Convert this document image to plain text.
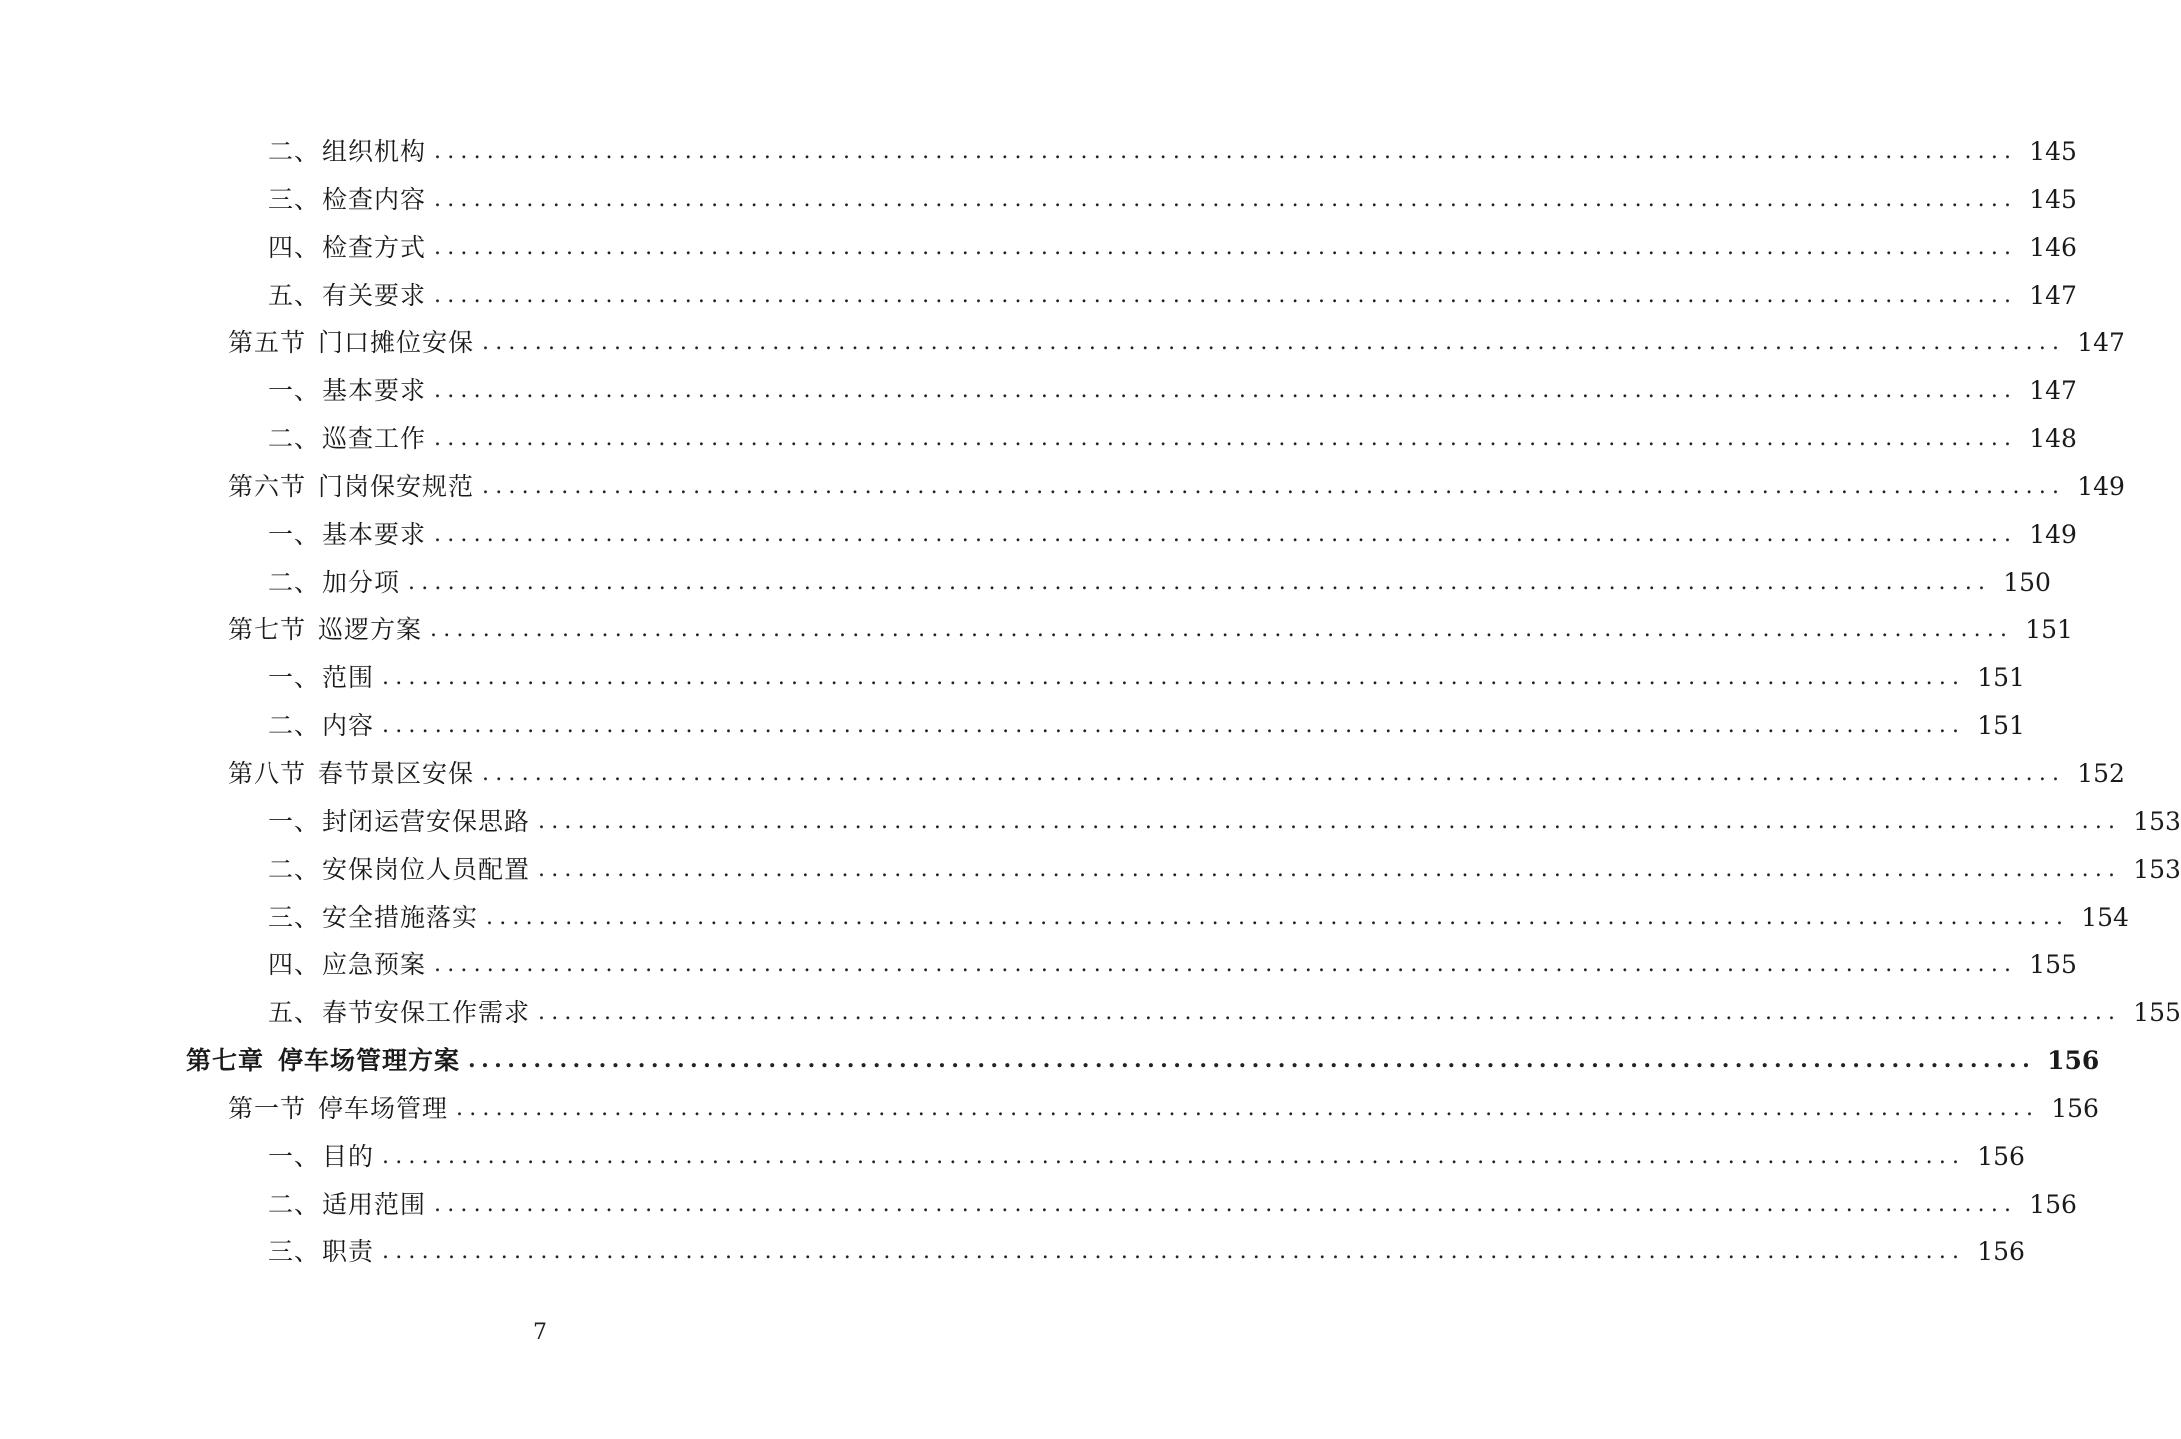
二、 组织机构 ........................................................................................................................ 145
三、 检查内容 ........................................................................................................................ 145
四、 检查方式 ........................................................................................................................ 146
五、 有关要求 ........................................................................................................................ 147
第五节 门口摊位安保 ........................................................................................................................ 147
一、 基本要求 ........................................................................................................................ 147
二、 巡查工作 ........................................................................................................................ 148
第六节 门岗保安规范 ........................................................................................................................ 149
一、 基本要求 ........................................................................................................................ 149
二、 加分项 ........................................................................................................................ 150
第七节 巡逻方案 ........................................................................................................................ 151
一、 范围 ........................................................................................................................ 151
二、 内容 ........................................................................................................................ 151
第八节 春节景区安保 ........................................................................................................................ 152
一、 封闭运营安保思路 ........................................................................................................................ 153
二、 安保岗位人员配置 ........................................................................................................................ 153
三、 安全措施落实 ........................................................................................................................ 154
四、 应急预案 ........................................................................................................................ 155
五、 春节安保工作需求 ........................................................................................................................ 155
第七章 停车场管理方案 ........................................................................................................................ 156
第一节 停车场管理 ........................................................................................................................ 156
一、 目的 ........................................................................................................................ 156
二、 适用范围 ........................................................................................................................ 156
三、 职责 ........................................................................................................................ 156
7
